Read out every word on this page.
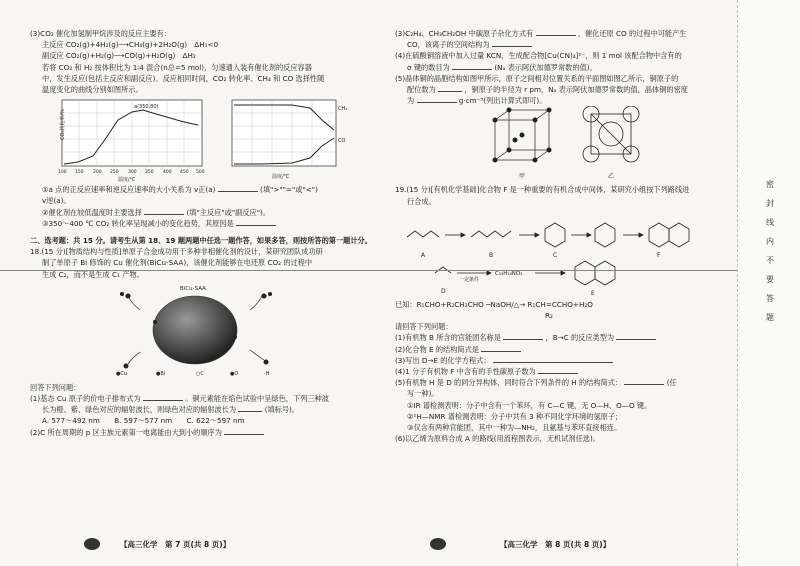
(3)CO₂ 催化加氢制甲烷涉及的反应主要有：
主反应 CO₂(g)+4H₂(g)⟶CH₄(g)+2H₂O(g)　ΔH₁<0
副反应 CO₂(g)+H₂(g)⟶CO(g)+H₂O(g)　ΔH₂
若将 CO₂ 和 H₂ 按体积比为 1∶4 混合(n总=5 mol)，匀速通入装有催化剂的反应容器
中，发生反应(包括主反应和副反应)。反应相同时间，CO₂ 转化率、CH₄ 和 CO 选择性随
温度变化的曲线分别如图所示。
a(350,80)
CO₂转化率/%
100 150 200 250 300 350 400 450 500
温度/℃
CH₄
CO
温度/℃
①a 点的正反应速率和逆反应速率的大小关系为 v正(a)	(填">""="或"<")
v逆(a)。
②催化剂在较低温度时主要选择	(填"主反应"或"副反应")。
③350～400 ℃ CO₂ 转化率呈现减小的变化趋势，其原因是
二、选考题：共 15 分。请考生从第 18、19 题两题中任选一题作答，如果多答，则按所答的第一题计分。
18.(15 分)[物质结构与性质]单原子合金成功用于多种非相催化剂的设计，某研究团队成功研
制了单原子 Bi 修饰的 Cu 催化剂(BiCu-SAA)，该催化剂能够在电还原 CO₂ 的过程中
生成 C₂，而不是生成 C₁ 产物。
BiCu-SAA
●Cu	●Bi	○C	●O	·H
回答下列问题：
(1)基态 Cu 原子的价电子排布式为	。铜元素能在焰色试验中呈绿色，下列三种波
长为橙、紫、绿色对应的辐射波长，则绿色对应的辐射波长为	(填标号)。
A. 577～492 nm　　B. 597～577 nm　　C. 622～597 nm
(2)C 所在周期的 p 区主族元素第一电离能由大到小的顺序为
【高三化学　第 7 页(共 8 页)】
(3)C₂H₄、CH₃CH₂OH 中碳原子杂化方式有	，催化还原 CO 的过程中可能产生
CO，该离子的空间结构为
(4)在硫酸铜溶液中加入过量 KCN，生成配合物[Cu(CN)₄]²⁻，则 1 mol 该配合物中含有的
σ 键的数目为	(Nₐ 表示阿伏加德罗常数的值)。
(5)晶体铜的晶胞结构如图甲所示，原子之间相对位置关系的平面图如图乙所示，铜原子的
配位数为	，铜原子的半径为 r pm，Nₐ 表示阿伏加德罗常数的值，晶体铜的密度
为	g·cm⁻³(列出计算式即可)。
甲	乙
19.(15 分)[有机化学基础]化合物 F 是一种重要的有机合成中间体，某研究小组按下列路线进
行合成。
A	B	C	F
D	E
一定条件
C₁₃H₁₆NO₃
已知：R₁CHO+R₂CH₂CHO ─NaOH/△→ R₁CH=CCHO+H₂O
R₂
请回答下列问题：
(1)有机物 B 所含的官能团名称是	，B→C 的反应类型为
(2)化合物 E 的结构简式是
(3)写出 D→E 的化学方程式：
(4)1 分子有机物 F 中含有的手性碳原子数为
(5)有机物 H 是 D 的同分异构体，同时符合下列条件的 H 的结构简式：	(任
写一种)。
①IR 谱检测表明：分子中含有一个苯环，有 C—C 键，无 O—H、O—O 键。
②¹H—NMR 谱检测表明：分子中共有 3 种不同化学环境的氢原子；
③仅含有两种官能团，其中一种为—NH₂，且氨基与苯环直接相连。
(6)以乙烯为原料合成 A 的路线(用流程图表示，无机试剂任选)。
【高三化学　第 8 页(共 8 页)】
密封线内不要答题
